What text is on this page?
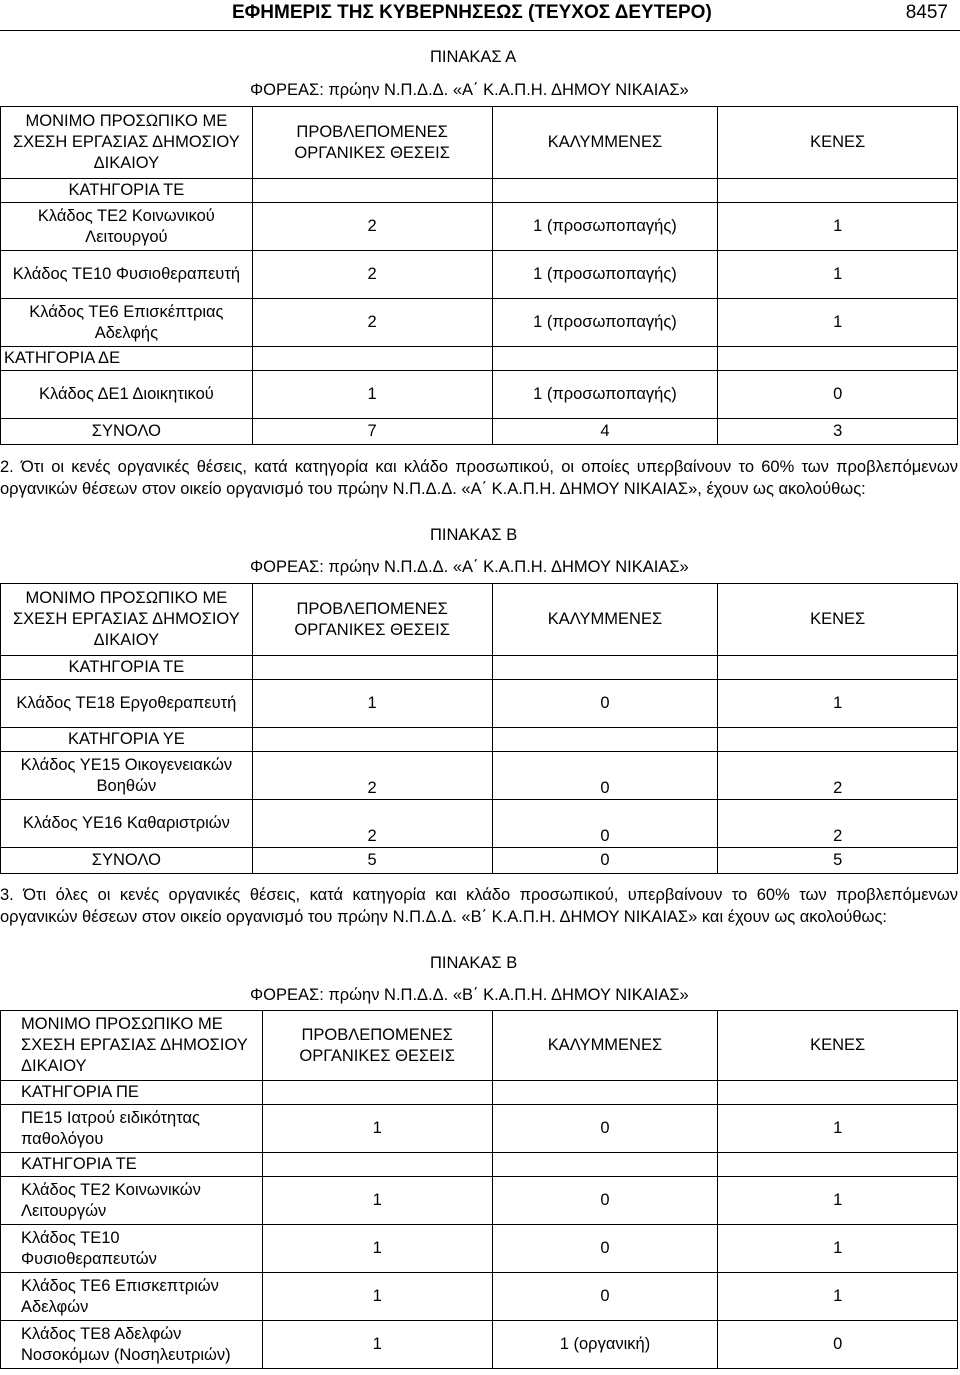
ΕΦΗΜΕΡΙΣ ΤΗΣ ΚΥΒΕΡΝΗΣΕΩΣ (ΤΕΥΧΟΣ ΔΕΥΤΕΡΟ)	8457
ΠΙΝΑΚΑΣ Α
ΦΟΡΕΑΣ: πρώην Ν.Π.Δ.Δ. «Α΄ Κ.Α.Π.Η. ΔΗΜΟΥ ΝΙΚΑΙΑΣ»
ΜΟΝΙΜΟ ΠΡΟΣΩΠΙΚΟ ΜΕ ΣΧΕΣΗ ΕΡΓΑΣΙΑΣ ΔΗΜΟΣΙΟΥ ΔΙΚΑΙΟΥ	ΠΡΟΒΛΕΠΟΜΕΝΕΣ ΟΡΓΑΝΙΚΕΣ ΘΕΣΕΙΣ	ΚΑΛΥΜΜΕΝΕΣ	ΚΕΝΕΣ
ΚΑΤΗΓΟΡΙΑ ΤΕ			
Κλάδος ΤΕ2 Κοινωνικού Λειτουργού	2	1 (προσωποπαγής)	1
Κλάδος ΤΕ10 Φυσιοθεραπευτή	2	1 (προσωποπαγής)	1
Κλάδος ΤΕ6 Επισκέπτριας Αδελφής	2	1 (προσωποπαγής)	1
ΚΑΤΗΓΟΡΙΑ ΔΕ			
Κλάδος ΔΕ1 Διοικητικού	1	1 (προσωποπαγής)	0
ΣΥΝΟΛΟ	7	4	3
2. Ότι οι κενές οργανικές θέσεις, κατά κατηγορία και κλάδο προσωπικού, οι οποίες υπερβαίνουν το 60% των προβλεπόμενων οργανικών θέσεων στον οικείο οργανισμό του πρώην Ν.Π.Δ.Δ. «Α΄ Κ.Α.Π.Η. ΔΗΜΟΥ ΝΙΚΑΙΑΣ», έχουν ως ακολούθως:
ΠΙΝΑΚΑΣ Β
ΦΟΡΕΑΣ: πρώην Ν.Π.Δ.Δ. «Α΄ Κ.Α.Π.Η. ΔΗΜΟΥ ΝΙΚΑΙΑΣ»
ΜΟΝΙΜΟ ΠΡΟΣΩΠΙΚΟ ΜΕ ΣΧΕΣΗ ΕΡΓΑΣΙΑΣ ΔΗΜΟΣΙΟΥ ΔΙΚΑΙΟΥ	ΠΡΟΒΛΕΠΟΜΕΝΕΣ ΟΡΓΑΝΙΚΕΣ ΘΕΣΕΙΣ	ΚΑΛΥΜΜΕΝΕΣ	ΚΕΝΕΣ
ΚΑΤΗΓΟΡΙΑ ΤΕ			
Κλάδος ΤΕ18 Εργοθεραπευτή	1	0	1
ΚΑΤΗΓΟΡΙΑ ΥΕ			
Κλάδος ΥΕ15 Οικογενειακών Βοηθών	2	0	2
Κλάδος ΥΕ16 Καθαριστριών	2	0	2
ΣΥΝΟΛΟ	5	0	5
3. Ότι όλες οι κενές οργανικές θέσεις, κατά κατηγορία και κλάδο προσωπικού, υπερβαίνουν το 60% των προβλεπόμενων οργανικών θέσεων στον οικείο οργανισμό του πρώην Ν.Π.Δ.Δ. «Β΄ Κ.Α.Π.Η. ΔΗΜΟΥ ΝΙΚΑΙΑΣ» και έχουν ως ακολούθως:
ΠΙΝΑΚΑΣ Β
ΦΟΡΕΑΣ: πρώην Ν.Π.Δ.Δ. «Β΄ Κ.Α.Π.Η. ΔΗΜΟΥ ΝΙΚΑΙΑΣ»
ΜΟΝΙΜΟ ΠΡΟΣΩΠΙΚΟ ΜΕ ΣΧΕΣΗ ΕΡΓΑΣΙΑΣ ΔΗΜΟΣΙΟΥ ΔΙΚΑΙΟΥ	ΠΡΟΒΛΕΠΟΜΕΝΕΣ ΟΡΓΑΝΙΚΕΣ ΘΕΣΕΙΣ	ΚΑΛΥΜΜΕΝΕΣ	ΚΕΝΕΣ
ΚΑΤΗΓΟΡΙΑ ΠΕ			
ΠΕ15 Ιατρού ειδικότητας παθολόγου	1	0	1
ΚΑΤΗΓΟΡΙΑ ΤΕ			
Κλάδος ΤΕ2 Κοινωνικών Λειτουργών	1	0	1
Κλάδος ΤΕ10 Φυσιοθεραπευτών	1	0	1
Κλάδος ΤΕ6 Επισκεπτριών Αδελφών	1	0	1
Κλάδος ΤΕ8 Αδελφών Νοσοκόμων (Νοσηλευτριών)	1	1 (οργανική)	0
